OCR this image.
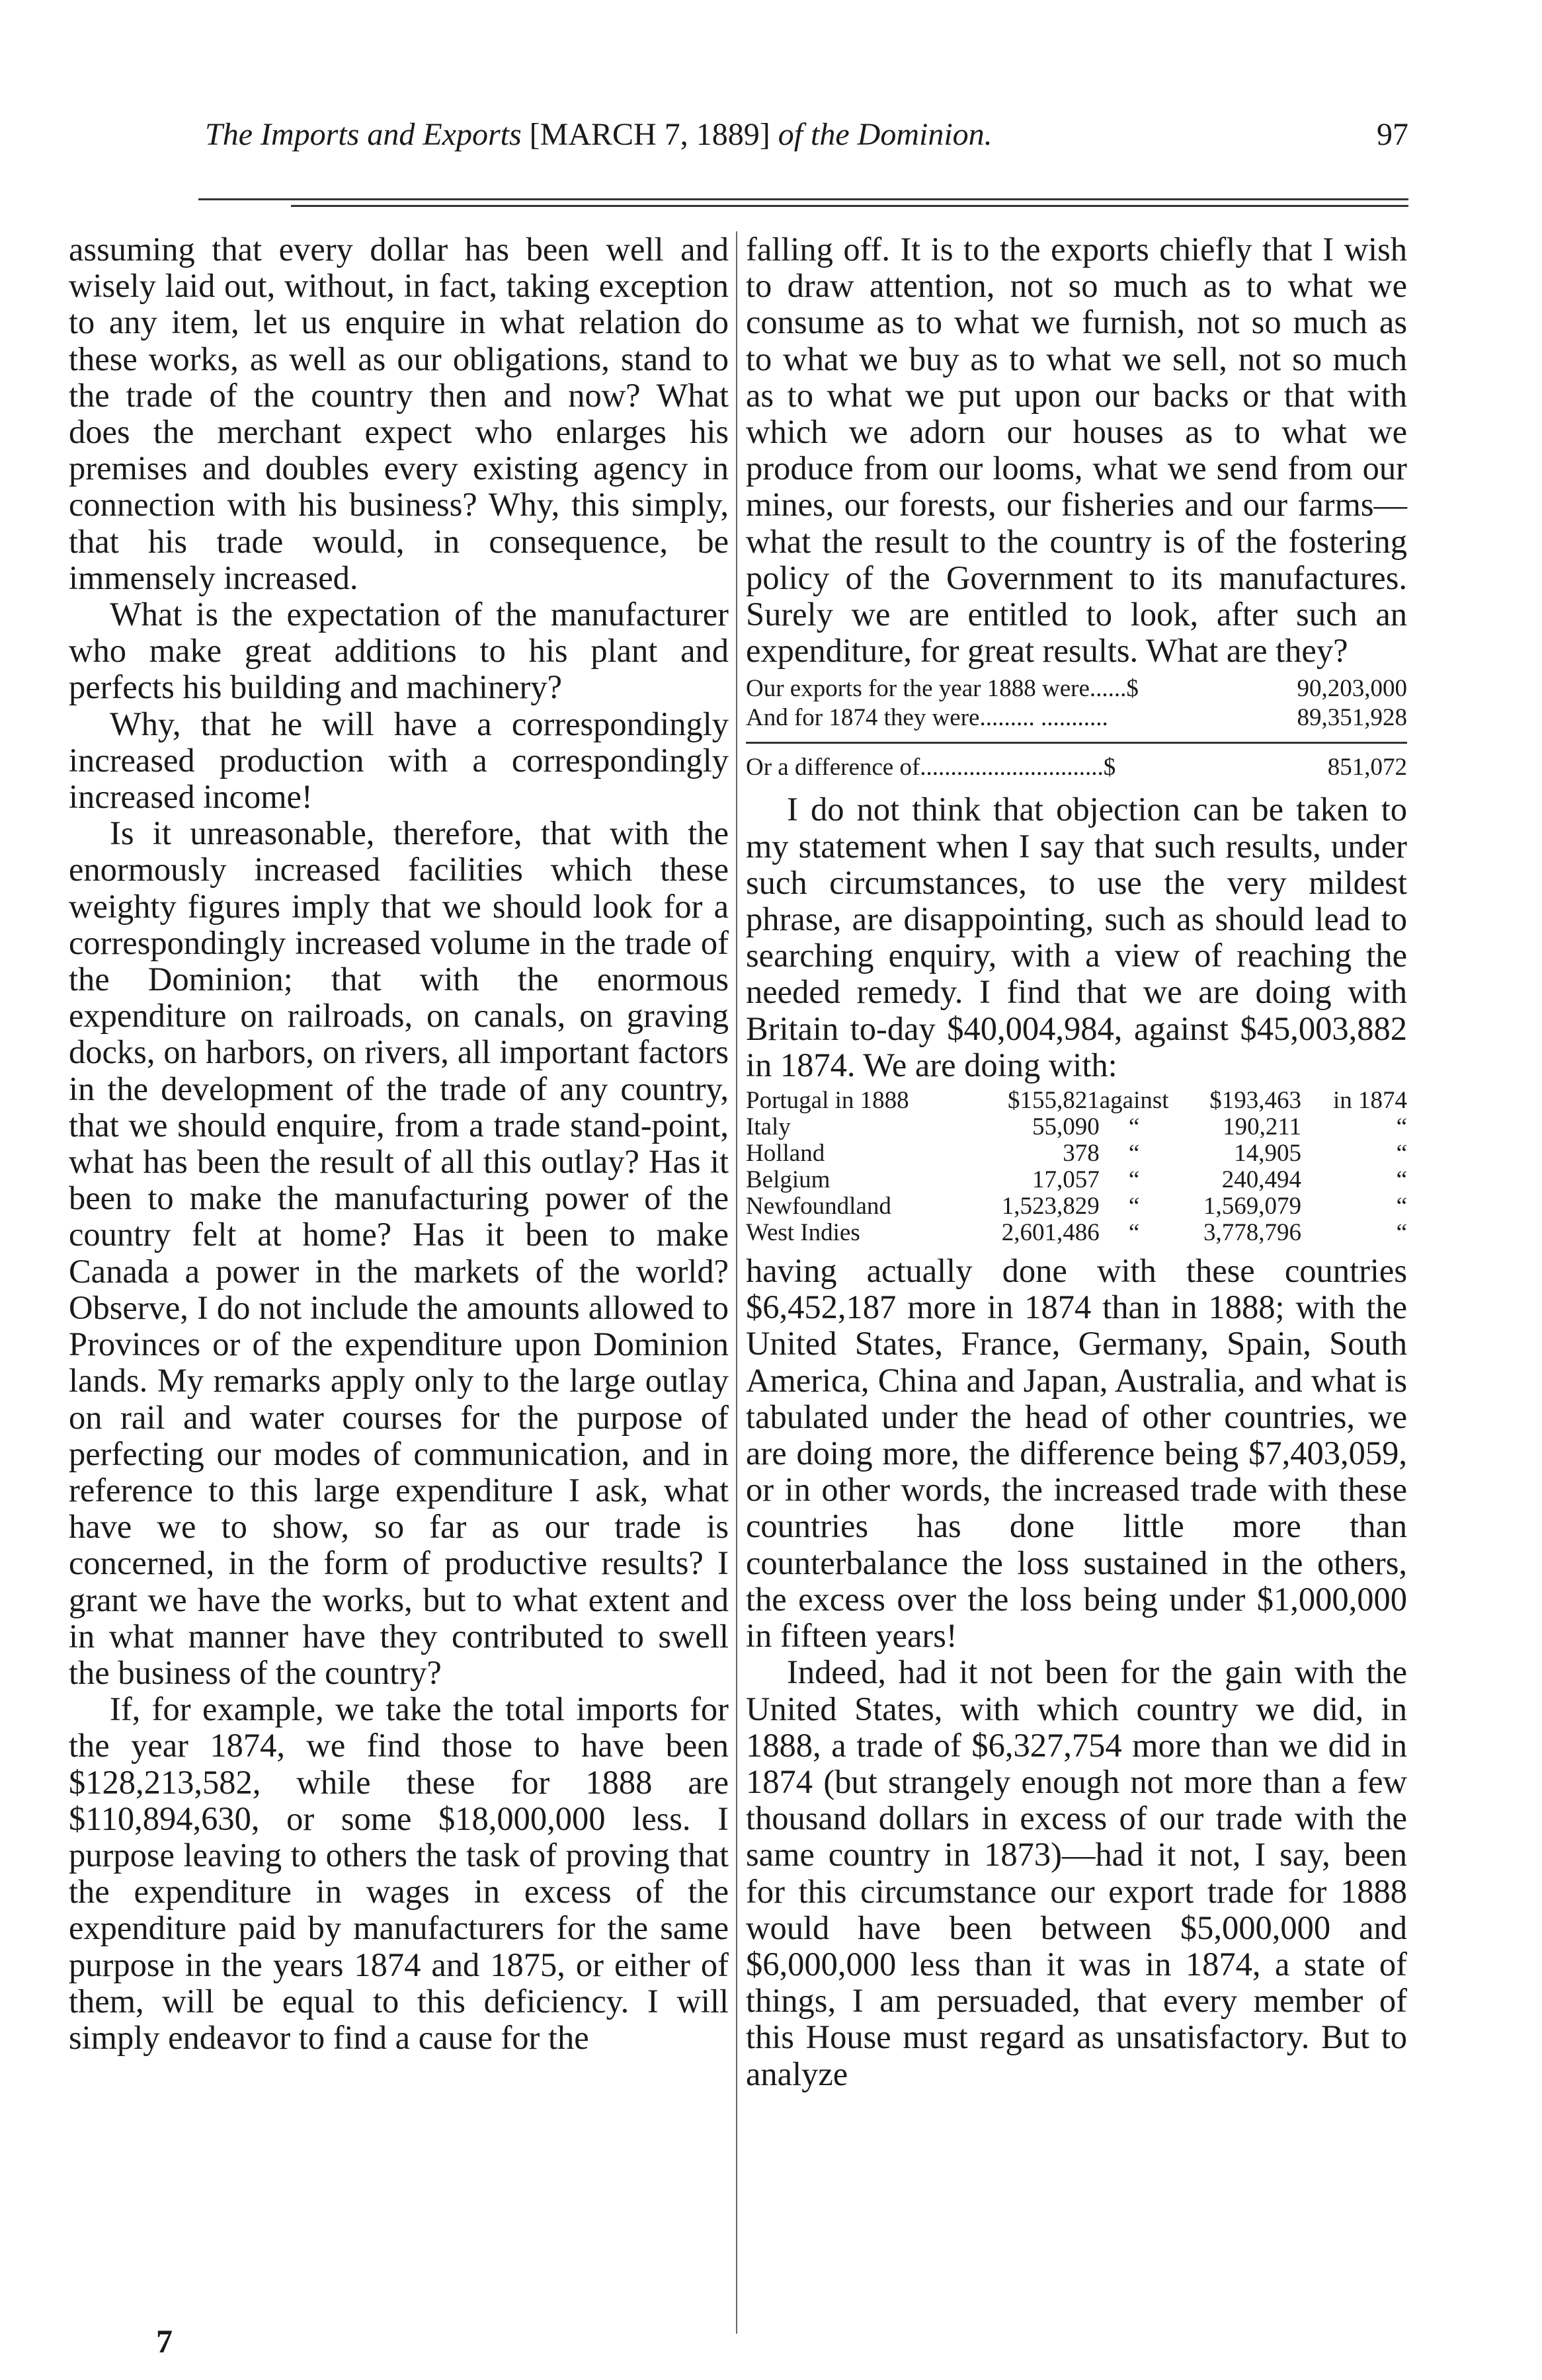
The Imports and Exports [MARCH 7, 1889] of the Dominion.	97

assuming that every dollar has been well and wisely laid out, without, in fact, taking exception to any item, let us enquire in what relation do these works, as well as our obligations, stand to the trade of the country then and now? What does the merchant expect who enlarges his premises and doubles every existing agency in connection with his business? Why, this simply, that his trade would, in consequence, be immensely increased.

What is the expectation of the manufacturer who make great additions to his plant and perfects his building and machinery?

Why, that he will have a correspondingly increased production with a correspondingly increased income!

Is it unreasonable, therefore, that with the enormously increased facilities which these weighty figures imply that we should look for a correspondingly increased volume in the trade of the Dominion; that with the enormous expenditure on railroads, on canals, on graving docks, on harbors, on rivers, all important factors in the development of the trade of any country, that we should enquire, from a trade stand-point, what has been the result of all this outlay? Has it been to make the manufacturing power of the country felt at home? Has it been to make Canada a power in the markets of the world? Observe, I do not include the amounts allowed to Provinces or of the expenditure upon Dominion lands. My remarks apply only to the large outlay on rail and water courses for the purpose of perfecting our modes of communication, and in reference to this large expenditure I ask, what have we to show, so far as our trade is concerned, in the form of productive results? I grant we have the works, but to what extent and in what manner have they contributed to swell the business of the country?

If, for example, we take the total imports for the year 1874, we find those to have been $128,213,582, while these for 1888 are $110,894,630, or some $18,000,000 less. I purpose leaving to others the task of proving that the expenditure in wages in excess of the expenditure paid by manufacturers for the same purpose in the years 1874 and 1875, or either of them, will be equal to this deficiency. I will simply endeavor to find a cause for the

falling off. It is to the exports chiefly that I wish to draw attention, not so much as to what we consume as to what we furnish, not so much as to what we buy as to what we sell, not so much as to what we put upon our backs or that with which we adorn our houses as to what we produce from our looms, what we send from our mines, our forests, our fisheries and our farms—what the result to the country is of the fostering policy of the Government to its manufactures. Surely we are entitled to look, after such an expenditure, for great results. What are they?

Our exports for the year 1888 were......$	90,203,000
And for 1874 they were......... ...........	89,351,928
Or a difference of..............................$	851,072

I do not think that objection can be taken to my statement when I say that such results, under such circumstances, to use the very mildest phrase, are disappointing, such as should lead to searching enquiry, with a view of reaching the needed remedy. I find that we are doing with Britain to-day $40,004,984, against $45,003,882 in 1874. We are doing with:

Portugal in 1888	$155,821	against	$193,463	in 1874
Italy	55,090	“	190,211	“
Holland	378	“	14,905	“
Belgium	17,057	“	240,494	“
Newfoundland	1,523,829	“	1,569,079	“
West Indies	2,601,486	“	3,778,796	“

having actually done with these countries $6,452,187 more in 1874 than in 1888; with the United States, France, Germany, Spain, South America, China and Japan, Australia, and what is tabulated under the head of other countries, we are doing more, the difference being $7,403,059, or in other words, the increased trade with these countries has done little more than counterbalance the loss sustained in the others, the excess over the loss being under $1,000,000 in fifteen years!

Indeed, had it not been for the gain with the United States, with which country we did, in 1888, a trade of $6,327,754 more than we did in 1874 (but strangely enough not more than a few thousand dollars in excess of our trade with the same country in 1873)—had it not, I say, been for this circumstance our export trade for 1888 would have been between $5,000,000 and $6,000,000 less than it was in 1874, a state of things, I am persuaded, that every member of this House must regard as unsatisfactory. But to analyze

7
